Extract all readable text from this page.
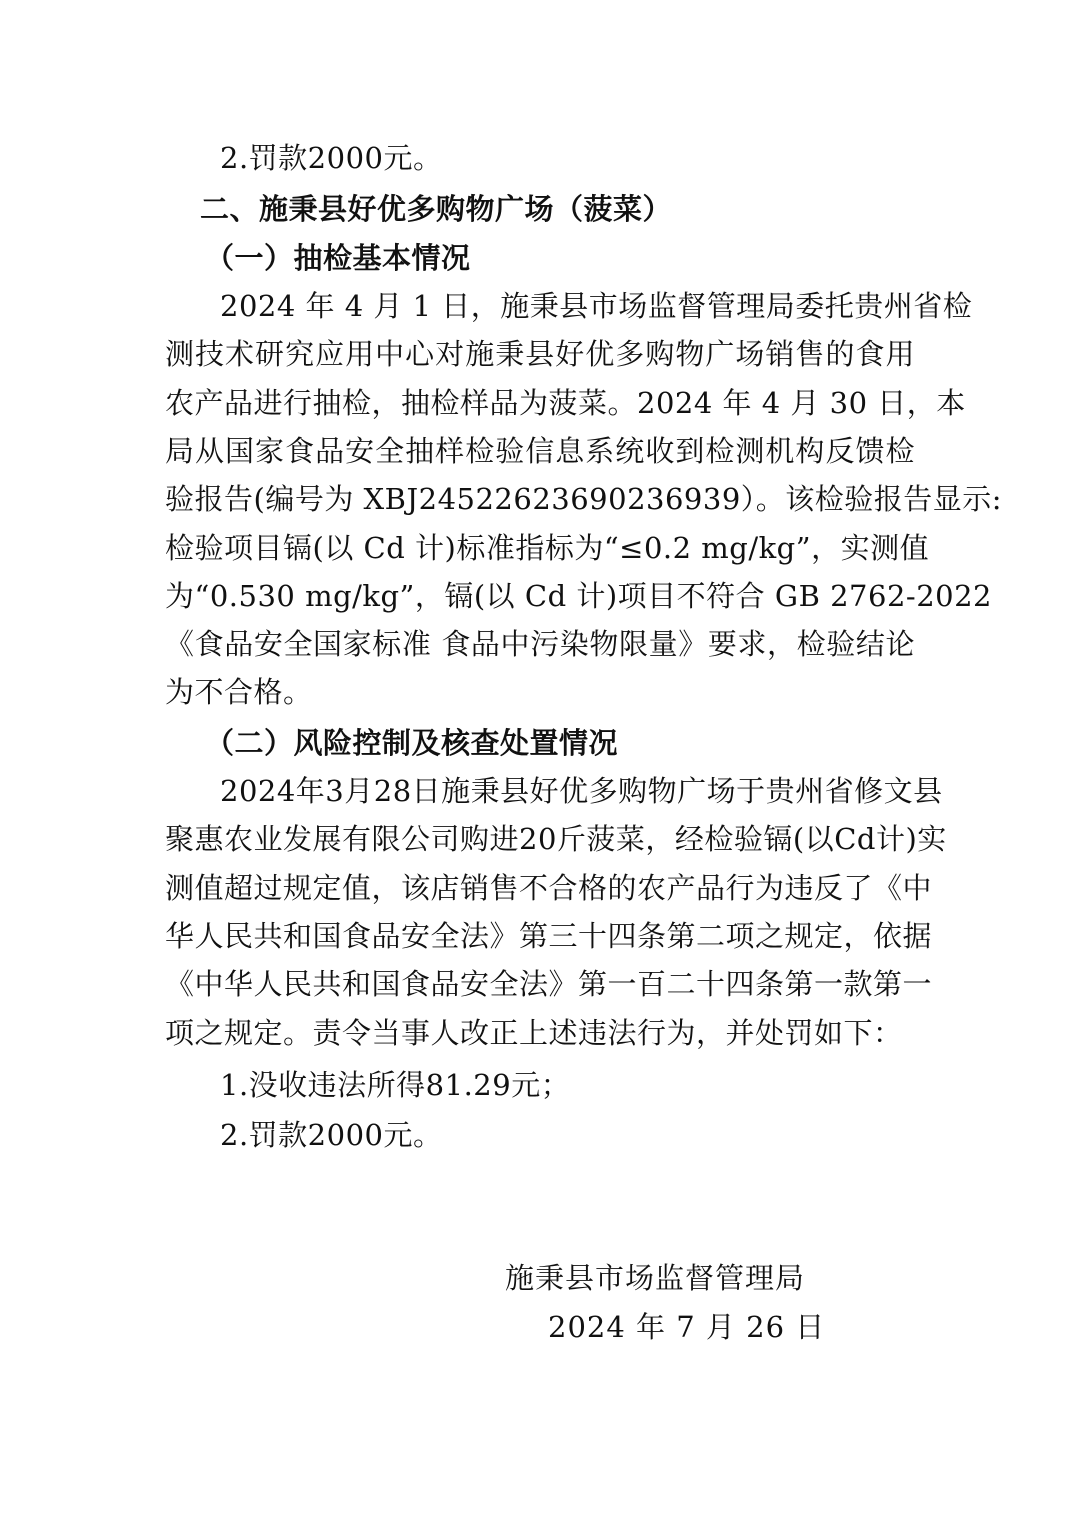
2.罚款2000元。
二、施秉县好优多购物广场（菠菜）
（一）抽检基本情况
2024 年 4 月 1 日，施秉县市场监督管理局委托贵州省检
测技术研究应用中心对施秉县好优多购物广场销售的食用
农产品进行抽检，抽检样品为菠菜。2024 年 4 月 30 日，本
局从国家食品安全抽样检验信息系统收到检测机构反馈检
验报告(编号为 XBJ24522623690236939）。该检验报告显示:
检验项目镉(以 Cd 计)标准指标为“≤0.2 mg/kg”，实测值
为“0.530 mg/kg”，镉(以 Cd 计)项目不符合 GB 2762-2022
《食品安全国家标准 食品中污染物限量》要求，检验结论
为不合格。
（二）风险控制及核查处置情况
2024年3月28日施秉县好优多购物广场于贵州省修文县
聚惠农业发展有限公司购进20斤菠菜，经检验镉(以Cd计)实
测值超过规定值，该店销售不合格的农产品行为违反了《中
华人民共和国食品安全法》第三十四条第二项之规定，依据
《中华人民共和国食品安全法》第一百二十四条第一款第一
项之规定。责令当事人改正上述违法行为，并处罚如下：
1.没收违法所得81.29元；
2.罚款2000元。
施秉县市场监督管理局
2024 年 7 月 26 日
